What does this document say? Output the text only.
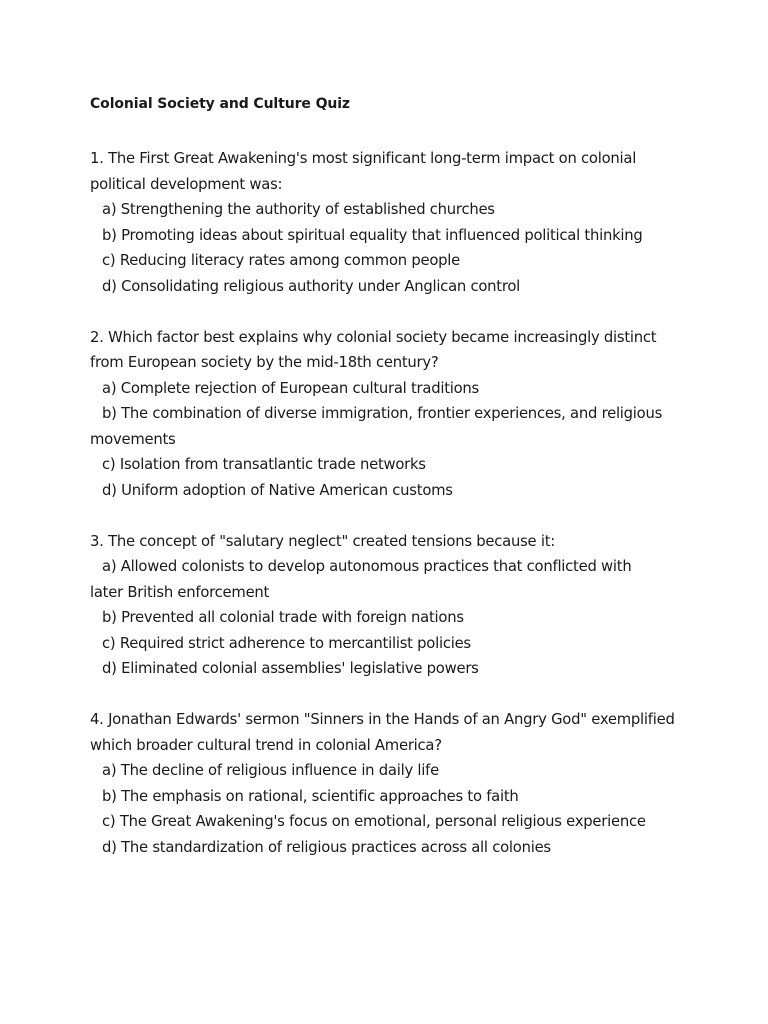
Colonial Society and Culture Quiz
1. The First Great Awakening's most significant long-term impact on colonial
political development was:
a) Strengthening the authority of established churches
b) Promoting ideas about spiritual equality that influenced political thinking
c) Reducing literacy rates among common people
d) Consolidating religious authority under Anglican control
2. Which factor best explains why colonial society became increasingly distinct
from European society by the mid-18th century?
a) Complete rejection of European cultural traditions
b) The combination of diverse immigration, frontier experiences, and religious
movements
c) Isolation from transatlantic trade networks
d) Uniform adoption of Native American customs
3. The concept of "salutary neglect" created tensions because it:
a) Allowed colonists to develop autonomous practices that conflicted with
later British enforcement
b) Prevented all colonial trade with foreign nations
c) Required strict adherence to mercantilist policies
d) Eliminated colonial assemblies' legislative powers
4. Jonathan Edwards' sermon "Sinners in the Hands of an Angry God" exemplified
which broader cultural trend in colonial America?
a) The decline of religious influence in daily life
b) The emphasis on rational, scientific approaches to faith
c) The Great Awakening's focus on emotional, personal religious experience
d) The standardization of religious practices across all colonies
